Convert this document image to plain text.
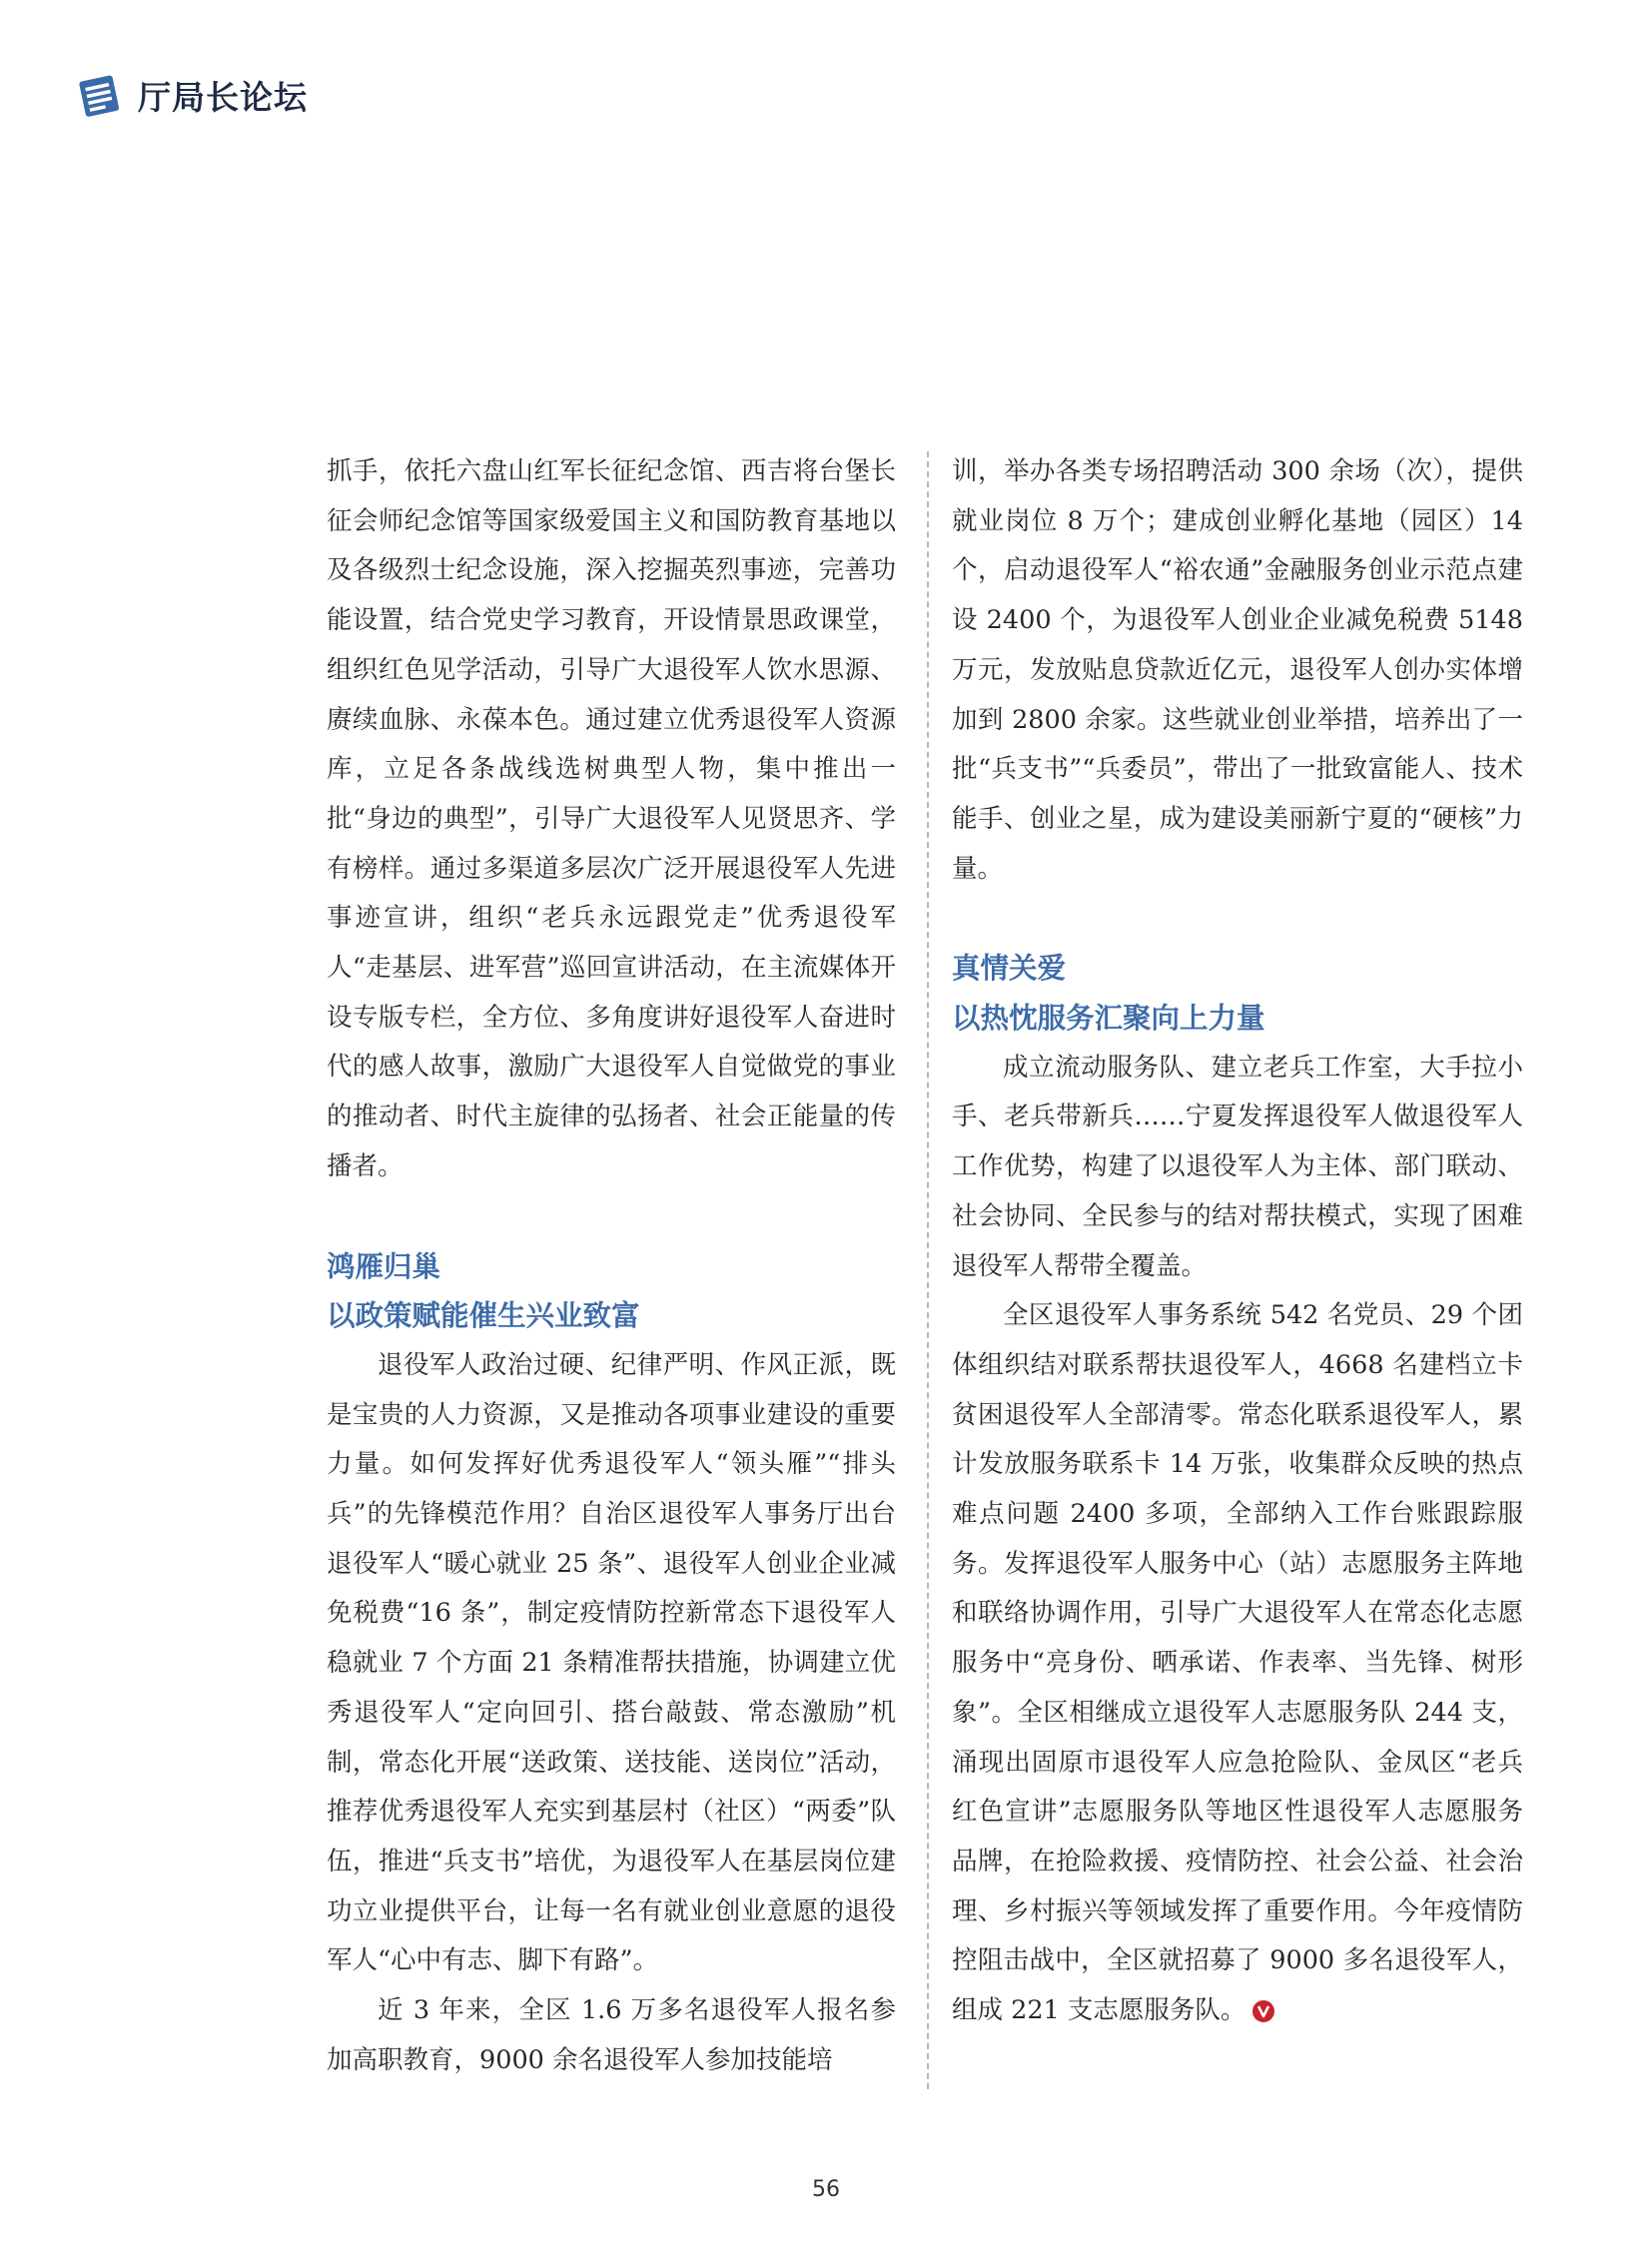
厅局长论坛

抓手，依托六盘山红军长征纪念馆、西吉将台堡长征会师纪念馆等国家级爱国主义和国防教育基地以及各级烈士纪念设施，深入挖掘英烈事迹，完善功能设置，结合党史学习教育，开设情景思政课堂，组织红色见学活动，引导广大退役军人饮水思源、赓续血脉、永葆本色。通过建立优秀退役军人资源库，立足各条战线选树典型人物，集中推出一批“身边的典型”，引导广大退役军人见贤思齐、学有榜样。通过多渠道多层次广泛开展退役军人先进事迹宣讲，组织“老兵永远跟党走”优秀退役军人“走基层、进军营”巡回宣讲活动，在主流媒体开设专版专栏，全方位、多角度讲好退役军人奋进时代的感人故事，激励广大退役军人自觉做党的事业的推动者、时代主旋律的弘扬者、社会正能量的传播者。

鸿雁归巢
以政策赋能催生兴业致富

退役军人政治过硬、纪律严明、作风正派，既是宝贵的人力资源，又是推动各项事业建设的重要力量。如何发挥好优秀退役军人“领头雁”“排头兵”的先锋模范作用？自治区退役军人事务厅出台退役军人“暖心就业 25 条”、退役军人创业企业减免税费“16 条”，制定疫情防控新常态下退役军人稳就业 7 个方面 21 条精准帮扶措施，协调建立优秀退役军人“定向回引、搭台敲鼓、常态激励”机制，常态化开展“送政策、送技能、送岗位”活动，推荐优秀退役军人充实到基层村（社区）“两委”队伍，推进“兵支书”培优，为退役军人在基层岗位建功立业提供平台，让每一名有就业创业意愿的退役军人“心中有志、脚下有路”。

近 3 年来，全区 1.6 万多名退役军人报名参加高职教育，9000 余名退役军人参加技能培

训，举办各类专场招聘活动 300 余场（次），提供就业岗位 8 万个；建成创业孵化基地（园区）14 个，启动退役军人“裕农通”金融服务创业示范点建设 2400 个，为退役军人创业企业减免税费 5148 万元，发放贴息贷款近亿元，退役军人创办实体增加到 2800 余家。这些就业创业举措，培养出了一批“兵支书”“兵委员”，带出了一批致富能人、技术能手、创业之星，成为建设美丽新宁夏的“硬核”力量。

真情关爱
以热忱服务汇聚向上力量

成立流动服务队、建立老兵工作室，大手拉小手、老兵带新兵……宁夏发挥退役军人做退役军人工作优势，构建了以退役军人为主体、部门联动、社会协同、全民参与的结对帮扶模式，实现了困难退役军人帮带全覆盖。

全区退役军人事务系统 542 名党员、29 个团体组织结对联系帮扶退役军人，4668 名建档立卡贫困退役军人全部清零。常态化联系退役军人，累计发放服务联系卡 14 万张，收集群众反映的热点难点问题 2400 多项，全部纳入工作台账跟踪服务。发挥退役军人服务中心（站）志愿服务主阵地和联络协调作用，引导广大退役军人在常态化志愿服务中“亮身份、晒承诺、作表率、当先锋、树形象”。全区相继成立退役军人志愿服务队 244 支，涌现出固原市退役军人应急抢险队、金凤区“老兵红色宣讲”志愿服务队等地区性退役军人志愿服务品牌，在抢险救援、疫情防控、社会公益、社会治理、乡村振兴等领域发挥了重要作用。今年疫情防控阻击战中，全区就招募了 9000 多名退役军人，组成 221 支志愿服务队。

56
